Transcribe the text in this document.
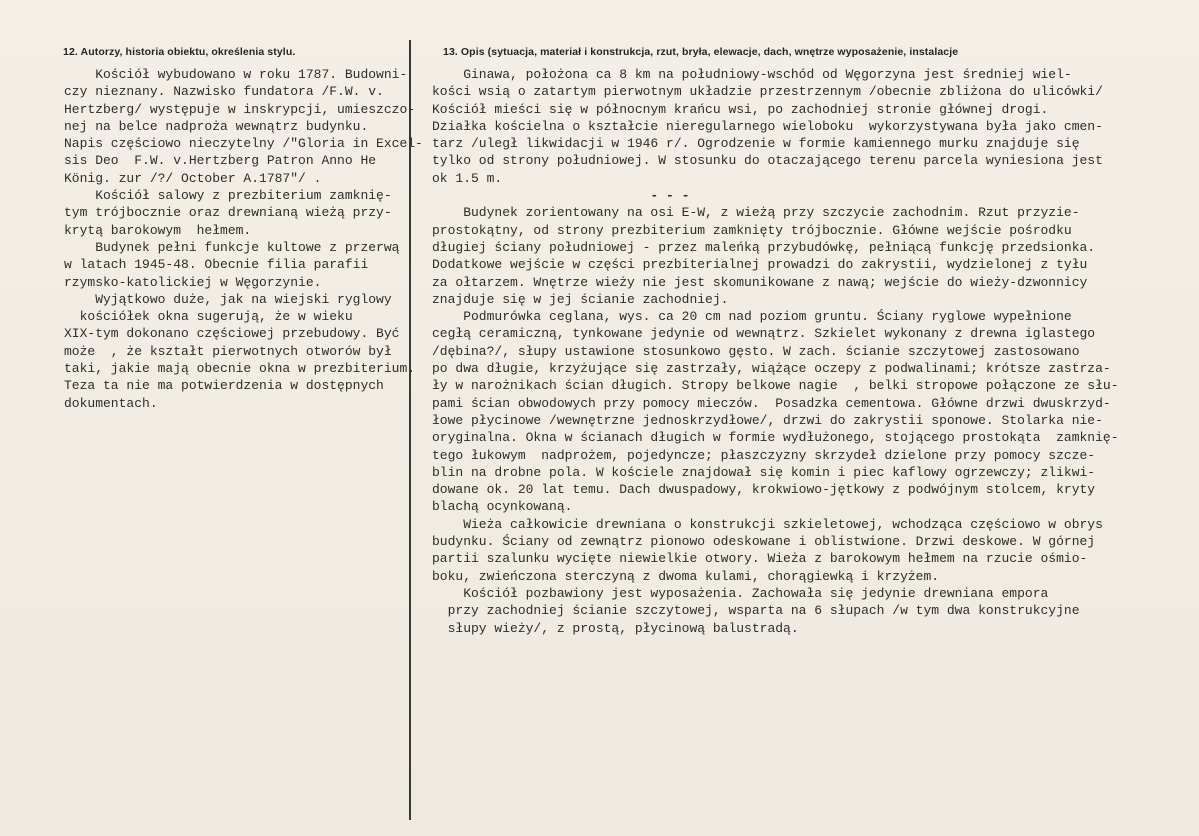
12. Autorzy, historia obiektu, określenia stylu.	13. Opis (sytuacja, materiał i konstrukcja, rzut, bryła, elewacje, dach, wnętrze wyposażenie, instalacje
Kościół wybudowano w roku 1787. Budowni-
czy nieznany. Nazwisko fundatora /F.W. v.
Hertzberg/ występuje w inskrypcji, umieszczo-
nej na belce nadproża wewnątrz budynku.
Napis częściowo nieczytelny /"Gloria in Excel-
sis Deo  F.W. v.Hertzberg Patron Anno He
König. zur /?/ October A.1787"/ .
Kościół salowy z prezbiterium zamknię-
tym trójbocznie oraz drewnianą wieżą przy-
krytą barokowym  hełmem.
Budynek pełni funkcje kultowe z przerwą
w latach 1945-48. Obecnie filia parafii
rzymsko-katolickiej w Węgorzynie.
Wyjątkowo duże, jak na wiejski ryglowy
kościółek okna sugerują, że w wieku
XIX-tym dokonano częściowej przebudowy. Być
może  , że kształt pierwotnych otworów był
taki, jakie mają obecnie okna w prezbiterium.
Teza ta nie ma potwierdzenia w dostępnych
dokumentach.
Ginawa, położona ca 8 km na południowy-wschód od Węgorzyna jest średniej wiel-
kości wsią o zatartym pierwotnym układzie przestrzennym /obecnie zbliżona do ulicówki/
Kościół mieści się w północnym krańcu wsi, po zachodniej stronie głównej drogi.
Działka kościelna o kształcie nieregularnego wieloboku  wykorzystywana była jako cmen-
tarz /uległ likwidacji w 1946 r/. Ogrodzenie w formie kamiennego murku znajduje się
tylko od strony południowej. W stosunku do otaczającego terenu parcela wyniesiona jest
ok 1.5 m.
- - -
Budynek zorientowany na osi E-W, z wieżą przy szczycie zachodnim. Rzut przyzie-
prostokątny, od strony prezbiterium zamknięty trójbocznie. Główne wejście pośrodku
długiej ściany południowej - przez maleńką przybudówkę, pełniącą funkcję przedsionka.
Dodatkowe wejście w części prezbiterialnej prowadzi do zakrystii, wydzielonej z tyłu
za ołtarzem. Wnętrze wieży nie jest skomunikowane z nawą; wejście do wieży-dzwonnicy
znajduje się w jej ścianie zachodniej.
Podmurówka ceglana, wys. ca 20 cm nad poziom gruntu. Ściany ryglowe wypełnione
cegłą ceramiczną, tynkowane jedynie od wewnątrz. Szkielet wykonany z drewna iglastego
/dębina?/, słupy ustawione stosunkowo gęsto. W zach. ścianie szczytowej zastosowano
po dwa długie, krzyżujące się zastrzały, wiążące oczepy z podwalinami; krótsze zastrza-
ły w narożnikach ścian długich. Stropy belkowe nagie  , belki stropowe połączone ze słu-
pami ścian obwodowych przy pomocy mieczów.  Posadzka cementowa. Główne drzwi dwuskrzyd-
łowe płycinowe /wewnętrzne jednoskrzydłowe/, drzwi do zakrystii sponowe. Stolarka nie-
oryginalna. Okna w ścianach długich w formie wydłużonego, stojącego prostokąta  zamknię-
tego łukowym  nadprożem, pojedyncze; płaszczyzny skrzydeł dzielone przy pomocy szcze-
blin na drobne pola. W kościele znajdował się komin i piec kaflowy ogrzewczy; zlikwi-
dowane ok. 20 lat temu. Dach dwuspadowy, krokwiowo-jętkowy z podwójnym stolcem, kryty
blachą ocynkowaną.
Wieża całkowicie drewniana o konstrukcji szkieletowej, wchodząca częściowo w obrys
budynku. Ściany od zewnątrz pionowo odeskowane i oblistwione. Drzwi deskowe. W górnej
partii szalunku wycięte niewielkie otwory. Wieża z barokowym hełmem na rzucie ośmio-
boku, zwieńczona sterczyną z dwoma kulami, chorągiewką i krzyżem.
Kościół pozbawiony jest wyposażenia. Zachowała się jedynie drewniana empora
przy zachodniej ścianie szczytowej, wsparta na 6 słupach /w tym dwa konstrukcyjne
słupy wieży/, z prostą, płycinową balustradą.
